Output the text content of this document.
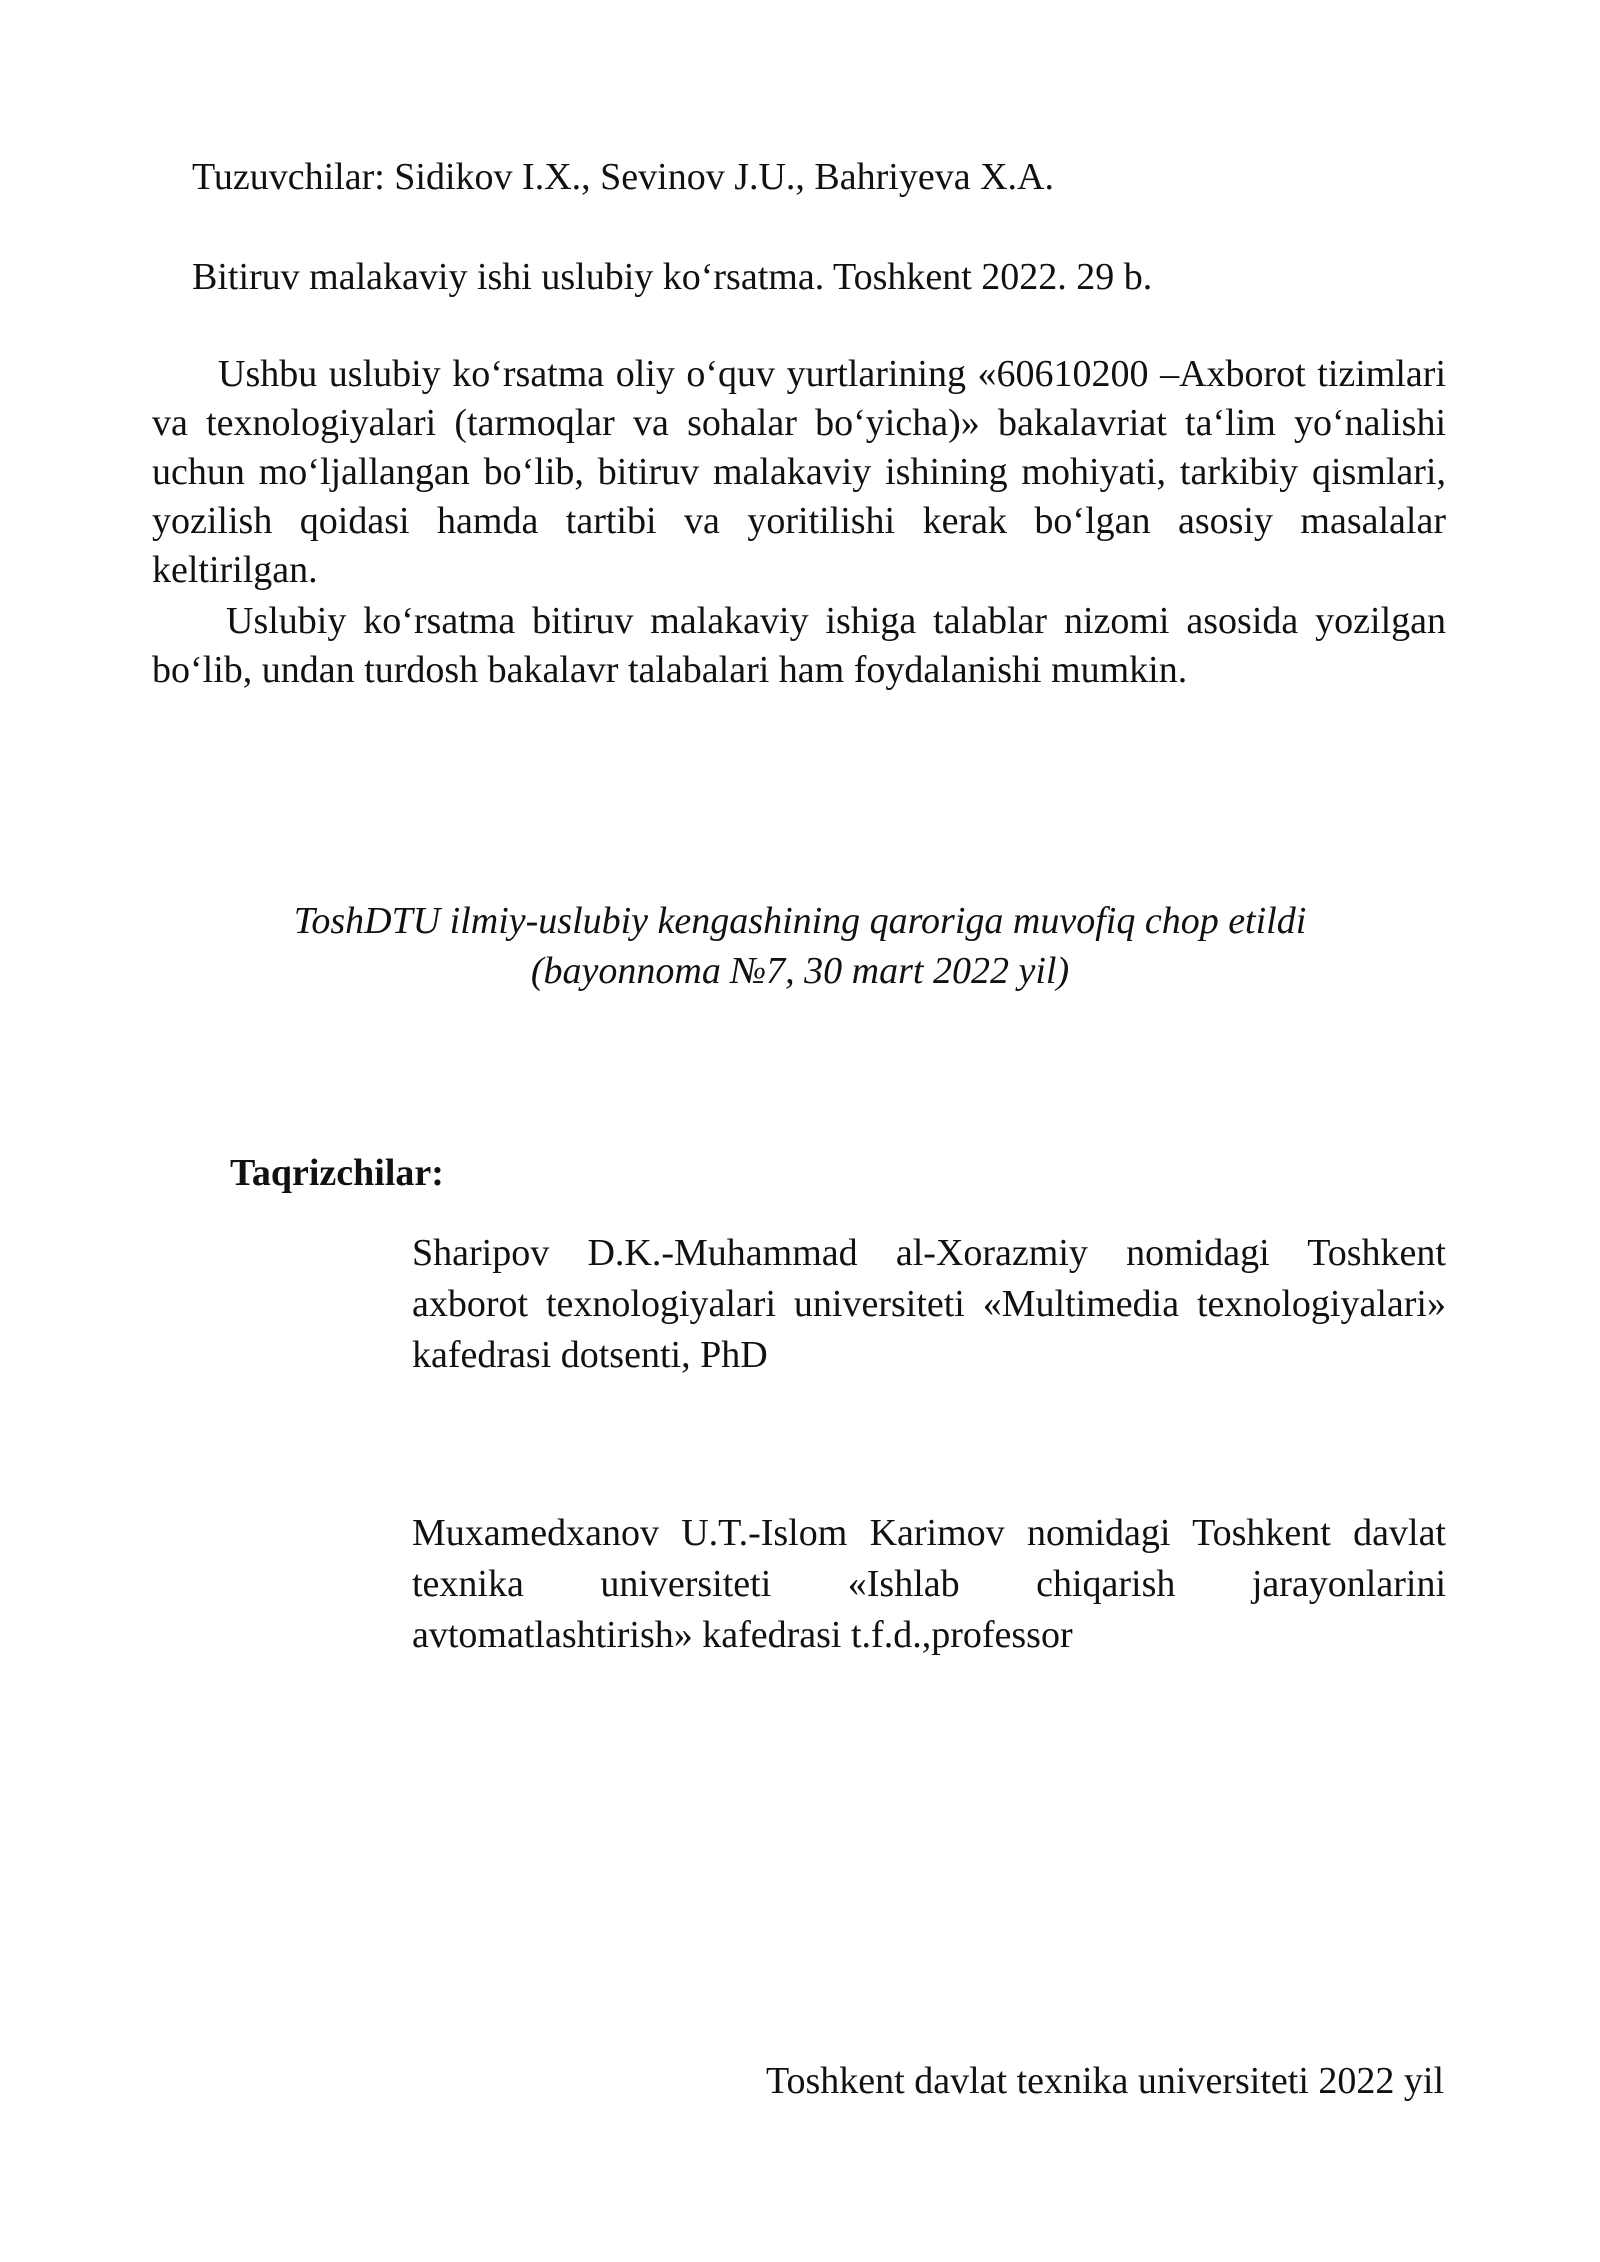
Tuzuvchilar: Sidikov I.X., Sevinov J.U., Bahriyeva X.A.
Bitiruv malakaviy ishi uslubiy koʻrsatma. Toshkent 2022. 29 b.
Ushbu uslubiy koʻrsatma oliy oʻquv yurtlarining «60610200 –Axborot tizimlari va texnologiyalari (tarmoqlar va sohalar boʻyicha)» bakalavriat taʻlim yoʻnalishi uchun moʻljallangan boʻlib, bitiruv malakaviy ishining mohiyati, tarkibiy qismlari, yozilish qoidasi hamda tartibi va yoritilishi kerak boʻlgan asosiy masalalar keltirilgan.
Uslubiy koʻrsatma bitiruv malakaviy ishiga talablar nizomi asosida yozilgan boʻlib, undan turdosh bakalavr talabalari ham foydalanishi mumkin.
ToshDTU ilmiy-uslubiy kengashining qaroriga muvofiq chop etildi
(bayonnoma №7, 30 mart 2022 yil)
Taqrizchilar:
Sharipov D.K.-Muhammad al-Xorazmiy nomidagi Toshkent axborot texnologiyalari universiteti «Multimedia texnologiyalari» kafedrasi dotsenti, PhD
Muxamedxanov U.T.-Islom Karimov nomidagi Toshkent davlat texnika universiteti «Ishlab chiqarish jarayonlarini avtomatlashtirish» kafedrasi t.f.d.,professor
Toshkent davlat texnika universiteti 2022 yil
